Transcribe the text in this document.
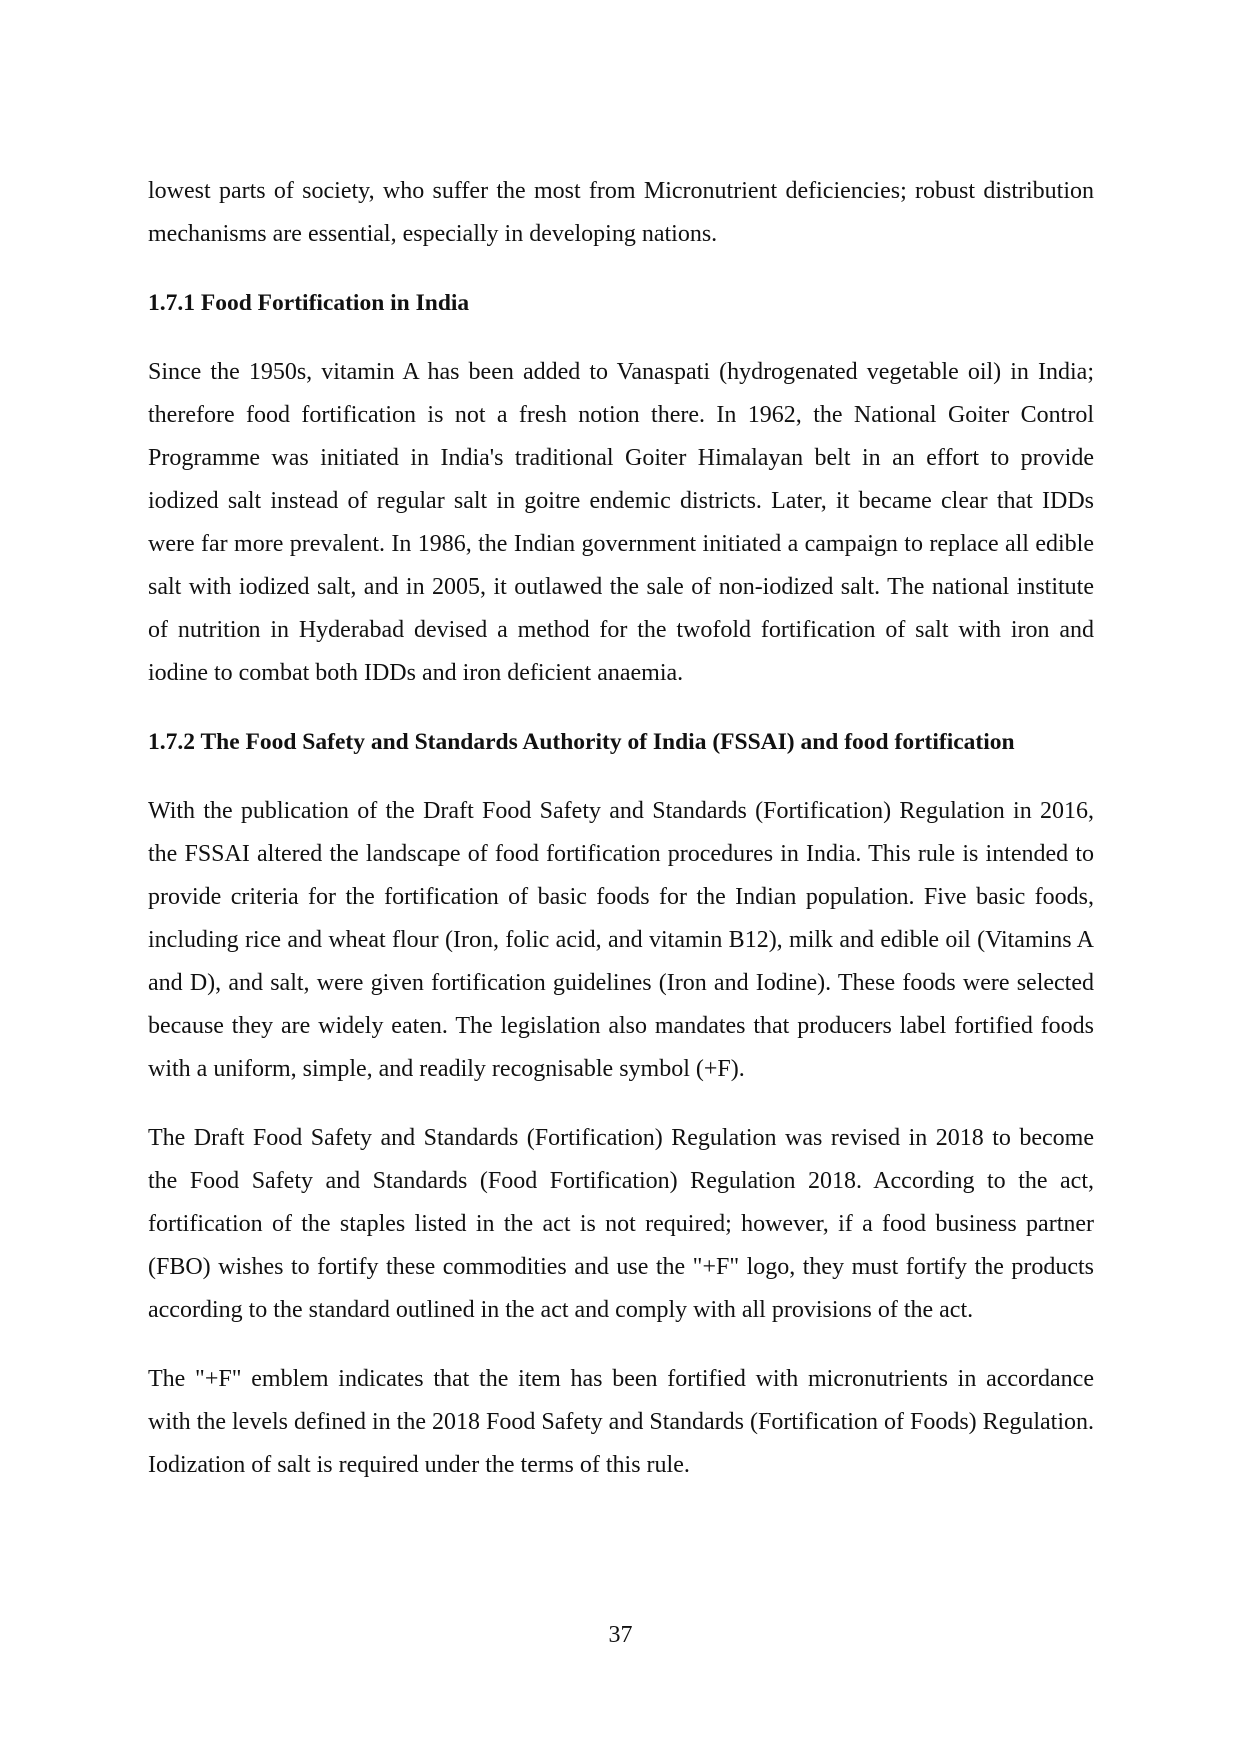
lowest parts of society, who suffer the most from Micronutrient deficiencies; robust distribution mechanisms are essential, especially in developing nations.

1.7.1 Food Fortification in India

Since the 1950s, vitamin A has been added to Vanaspati (hydrogenated vegetable oil) in India; therefore food fortification is not a fresh notion there. In 1962, the National Goiter Control Programme was initiated in India's traditional Goiter Himalayan belt in an effort to provide iodized salt instead of regular salt in goitre endemic districts. Later, it became clear that IDDs were far more prevalent. In 1986, the Indian government initiated a campaign to replace all edible salt with iodized salt, and in 2005, it outlawed the sale of non-iodized salt. The national institute of nutrition in Hyderabad devised a method for the twofold fortification of salt with iron and iodine to combat both IDDs and iron deficient anaemia.

1.7.2 The Food Safety and Standards Authority of India (FSSAI) and food fortification

With the publication of the Draft Food Safety and Standards (Fortification) Regulation in 2016, the FSSAI altered the landscape of food fortification procedures in India. This rule is intended to provide criteria for the fortification of basic foods for the Indian population. Five basic foods, including rice and wheat flour (Iron, folic acid, and vitamin B12), milk and edible oil (Vitamins A and D), and salt, were given fortification guidelines (Iron and Iodine). These foods were selected because they are widely eaten. The legislation also mandates that producers label fortified foods with a uniform, simple, and readily recognisable symbol (+F).

The Draft Food Safety and Standards (Fortification) Regulation was revised in 2018 to become the Food Safety and Standards (Food Fortification) Regulation 2018. According to the act, fortification of the staples listed in the act is not required; however, if a food business partner (FBO) wishes to fortify these commodities and use the "+F" logo, they must fortify the products according to the standard outlined in the act and comply with all provisions of the act.

The "+F" emblem indicates that the item has been fortified with micronutrients in accordance with the levels defined in the 2018 Food Safety and Standards (Fortification of Foods) Regulation. Iodization of salt is required under the terms of this rule.

37
